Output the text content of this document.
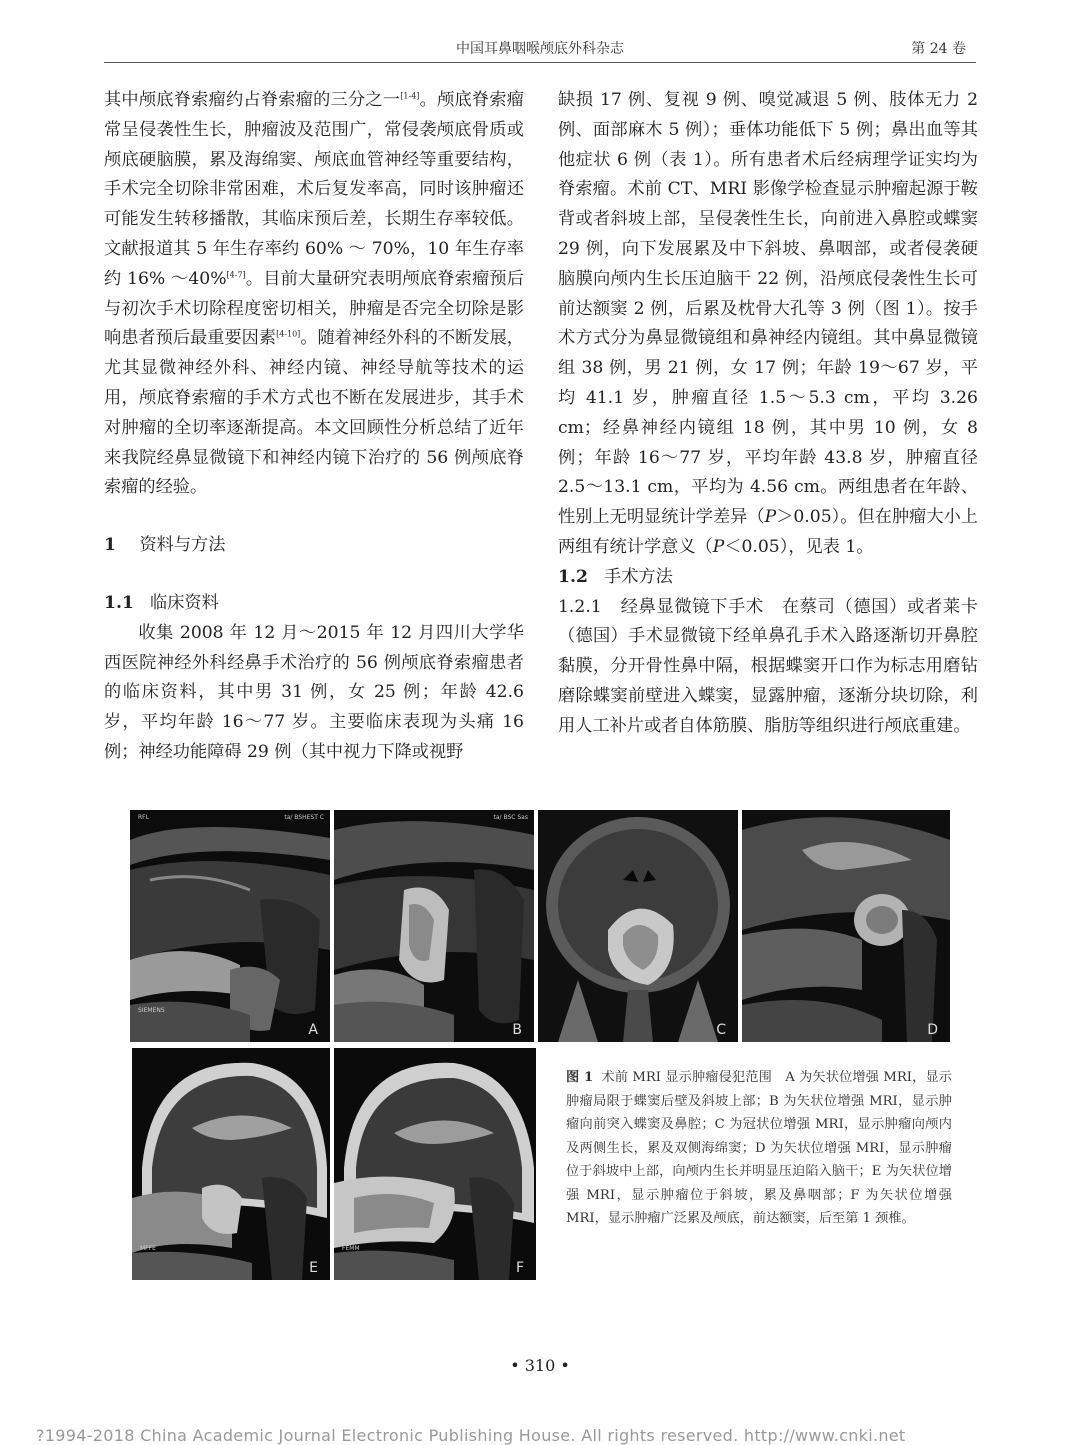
中国耳鼻咽喉颅底外科杂志	第 24 卷

其中颅底脊索瘤约占脊索瘤的三分之一[1-4]。颅底脊索瘤常呈侵袭性生长，肿瘤波及范围广，常侵袭颅底骨质或颅底硬脑膜，累及海绵窦、颅底血管神经等重要结构，手术完全切除非常困难，术后复发率高，同时该肿瘤还可能发生转移播散，其临床预后差，长期生存率较低。文献报道其 5 年生存率约 60% ～ 70%，10 年生存率约 16% ～40%[4-7]。目前大量研究表明颅底脊索瘤预后与初次手术切除程度密切相关，肿瘤是否完全切除是影响患者预后最重要因素[4-10]。随着神经外科的不断发展，尤其显微神经外科、神经内镜、神经导航等技术的运用，颅底脊索瘤的手术方式也不断在发展进步，其手术对肿瘤的全切率逐渐提高。本文回顾性分析总结了近年来我院经鼻显微镜下和神经内镜下治疗的 56 例颅底脊索瘤的经验。

1 资料与方法

1.1 临床资料

收集 2008 年 12 月～2015 年 12 月四川大学华西医院神经外科经鼻手术治疗的 56 例颅底脊索瘤患者的临床资料，其中男 31 例，女 25 例；年龄 42.6 岁，平均年龄 16～77 岁。主要临床表现为头痛 16 例；神经功能障碍 29 例（其中视力下降或视野

缺损 17 例、复视 9 例、嗅觉减退 5 例、肢体无力 2 例、面部麻木 5 例）；垂体功能低下 5 例；鼻出血等其他症状 6 例（表 1）。所有患者术后经病理学证实均为脊索瘤。术前 CT、MRI 影像学检查显示肿瘤起源于鞍背或者斜坡上部，呈侵袭性生长，向前进入鼻腔或蝶窦 29 例，向下发展累及中下斜坡、鼻咽部，或者侵袭硬脑膜向颅内生长压迫脑干 22 例，沿颅底侵袭性生长可前达额窦 2 例，后累及枕骨大孔等 3 例（图 1）。按手术方式分为鼻显微镜组和鼻神经内镜组。其中鼻显微镜组 38 例，男 21 例，女 17 例；年龄 19～67 岁，平均 41.1 岁，肿瘤直径 1.5～5.3 cm，平均 3.26 cm；经鼻神经内镜组 18 例，其中男 10 例，女 8 例；年龄 16～77 岁，平均年龄 43.8 岁，肿瘤直径 2.5～13.1 cm，平均为 4.56 cm。两组患者在年龄、性别上无明显统计学差异（P＞0.05）。但在肿瘤大小上两组有统计学意义（P＜0.05），见表 1。

1.2 手术方法

1.2.1 经鼻显微镜下手术　 在蔡司（德国）或者莱卡（德国）手术显微镜下经单鼻孔手术入路逐渐切开鼻腔黏膜，分开骨性鼻中隔，根据蝶窦开口作为标志用磨钻磨除蝶窦前壁进入蝶窦，显露肿瘤，逐渐分块切除，利用人工补片或者自体筋膜、脂肪等组织进行颅底重建。

RFL	ta/ BSHEST C
SIEMENS
A
ta/ BSC Sas
B	C	D
MFFE
E
FEMM
F
图 1 术前 MRI 显示肿瘤侵犯范围　A 为矢状位增强 MRI，显示肿瘤局限于蝶窦后壁及斜坡上部；B 为矢状位增强 MRI，显示肿瘤向前突入蝶窦及鼻腔；C 为冠状位增强 MRI，显示肿瘤向颅内及两侧生长，累及双侧海绵窦；D 为矢状位增强 MRI，显示肿瘤位于斜坡中上部，向颅内生长并明显压迫陷入脑干；E 为矢状位增强 MRI，显示肿瘤位于斜坡，累及鼻咽部；F 为矢状位增强 MRI，显示肿瘤广泛累及颅底，前达额窦，后至第 1 颈椎。
• 310 •
?1994-2018 China Academic Journal Electronic Publishing House. All rights reserved. http://www.cnki.net
